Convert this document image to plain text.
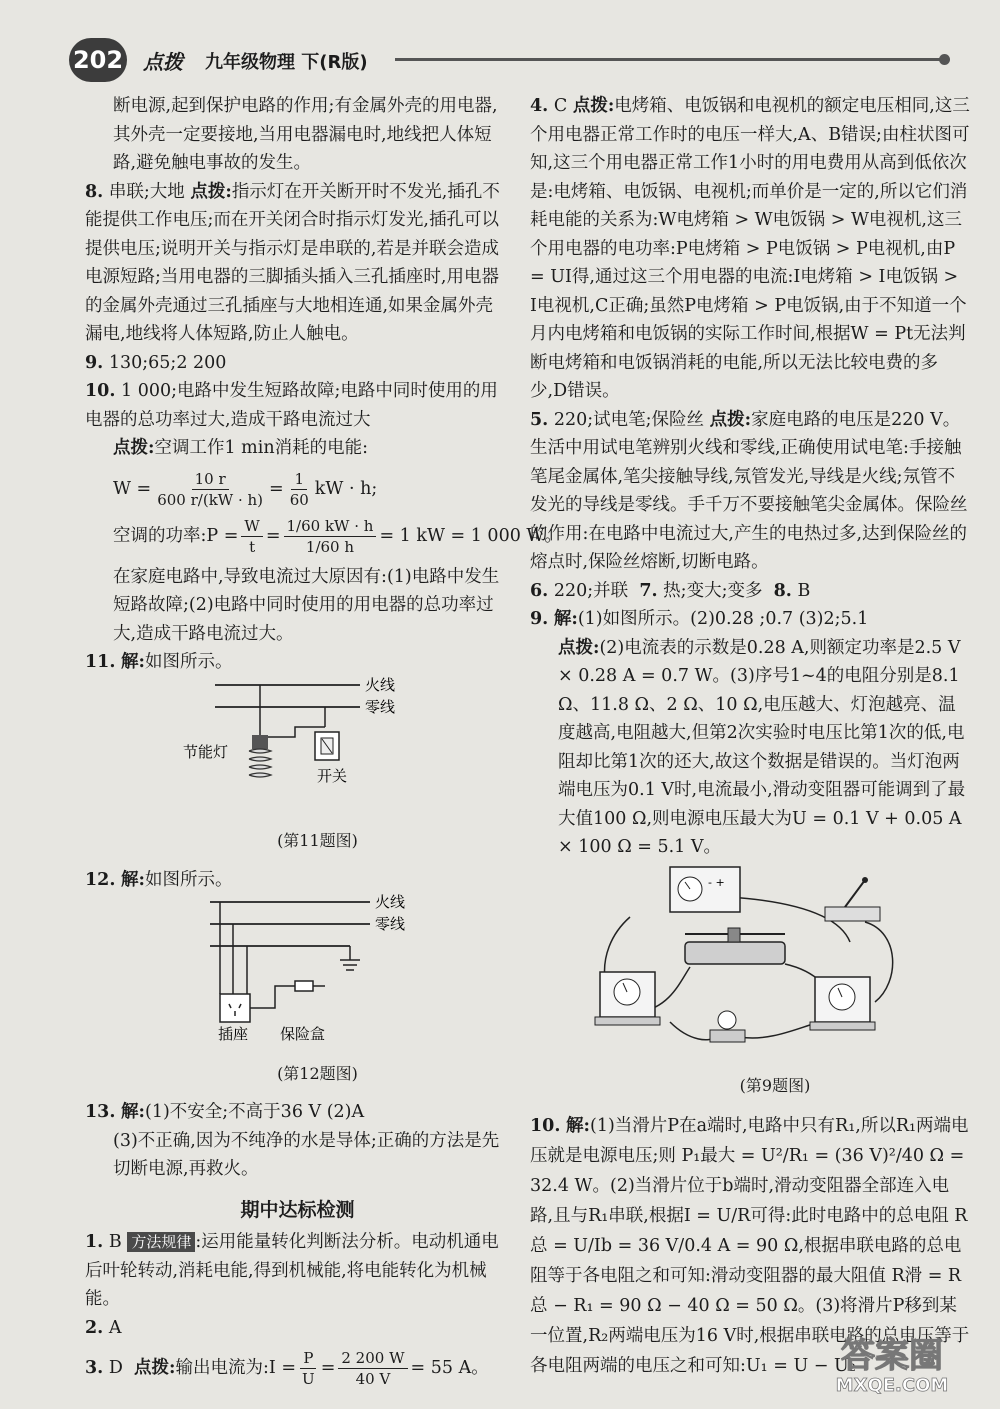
202 点拨 九年级物理 下(R版)

断电源,起到保护电路的作用;有金属外壳的用电器,其外壳一定要接地,当用电器漏电时,地线把人体短路,避免触电事故的发生。

8. 串联;大地 点拨:指示灯在开关断开时不发光,插孔不能提供工作电压;而在开关闭合时指示灯发光,插孔可以提供电压;说明开关与指示灯是串联的,若是并联会造成电源短路;当用电器的三脚插头插入三孔插座时,用电器的金属外壳通过三孔插座与大地相连通,如果金属外壳漏电,地线将人体短路,防止人触电。

9. 130;65;2 200

10. 1 000;电路中发生短路故障;电路中同时使用的用电器的总功率过大,造成干路电流过大

点拨:空调工作1 min消耗的电能:

$W = \frac{10 r}{600 r/(kW \cdot h)} = \frac{1}{60}$ kW · h;
空调的功率:P = $\frac{W}{t} = \frac{1/60 kW \cdot h}{1/60 h} = 1$ kW = 1 000 W。

在家庭电路中,导致电流过大原因有:(1)电路中发生短路故障;(2)电路中同时使用的用电器的总功率过大,造成干路电流过大。

11. 解:如图所示。

火线
零线
节能灯
开关
(第11题图)

12. 解:如图所示。

火线
零线
插座 保险盒
(第12题图)

13. 解:(1)不安全;不高于36 V (2)A

(3)不正确,因为不纯净的水是导体;正确的方法是先切断电源,再救火。

期中达标检测

1. B 方法规律 :运用能量转化判断法分析。电动机通电后叶轮转动,消耗电能,得到机械能,将电能转化为机械能。

2. A

3.
D
点拨: 输出电流为:I = $\frac{P}{U} = \frac{2 200 W}{40 V} = 55$ A。

4. C 点拨:电烤箱、电饭锅和电视机的额定电压相同,这三个用电器正常工作时的电压一样大,A、B错误;由柱状图可知,这三个用电器正常工作1小时的用电费用从高到低依次是:电烤箱、电饭锅、电视机;而单价是一定的,所以它们消耗电能的关系为:W电烤箱 > W电饭锅 > W电视机,这三个用电器的电功率:P电烤箱 > P电饭锅 > P电视机,由P = UI得,通过这三个用电器的电流:I电烤箱 > I电饭锅 > I电视机,C正确;虽然P电烤箱 > P电饭锅,由于不知道一个月内电烤箱和电饭锅的实际工作时间,根据W = Pt无法判断电烤箱和电饭锅消耗的电能,所以无法比较电费的多少,D错误。

5. 220;试电笔;保险丝 点拨:家庭电路的电压是220 V。生活中用试电笔辨别火线和零线,正确使用试电笔:手接触笔尾金属体,笔尖接触导线,氖管发光,导线是火线;氖管不发光的导线是零线。手千万不要接触笔尖金属体。保险丝的作用:在电路中电流过大,产生的电热过多,达到保险丝的熔点时,保险丝熔断,切断电路。

6. 220;并联 7. 热;变大;变多 8. B

9. 解:(1)如图所示。(2)0.28 ;0.7 (3)2;5.1

点拨:(2)电流表的示数是0.28 A,则额定功率是2.5 V × 0.28 A = 0.7 W。(3)序号1~4的电阻分别是8.1 Ω、11.8 Ω、2 Ω、10 Ω,电压越大、灯泡越亮、温度越高,电阻越大,但第2次实验时电压比第1次的低,电阻却比第1次的还大,故这个数据是错误的。当灯泡两端电压为0.1 V时,电流最小,滑动变阻器可能调到了最大值100 Ω,则电源电压最大为U = 0.1 V + 0.05 A × 100 Ω = 5.1 V。

- +
(第9题图)

10. 解:(1)当滑片P在a端时,电路中只有R₁,所以R₁两端电压就是电源电压;则 P₁最大 = U²/R₁ = (36 V)²/40 Ω = 32.4 W。(2)当滑片位于b端时,滑动变阻器全部连入电路,且与R₁串联,根据I = U/R可得:此时电路中的总电阻 R总 = U/Ib = 36 V/0.4 A = 90 Ω,根据串联电路的总电阻等于各电阻之和可知:滑动变阻器的最大阻值 R滑 = R总 − R₁ = 90 Ω − 40 Ω = 50 Ω。(3)将滑片P移到某一位置,R₂两端电压为16 V时,根据串联电路的总电压等于各电阻两端的电压之和可知:U₁ = U − U₂

答案圈
MXQE.COM
